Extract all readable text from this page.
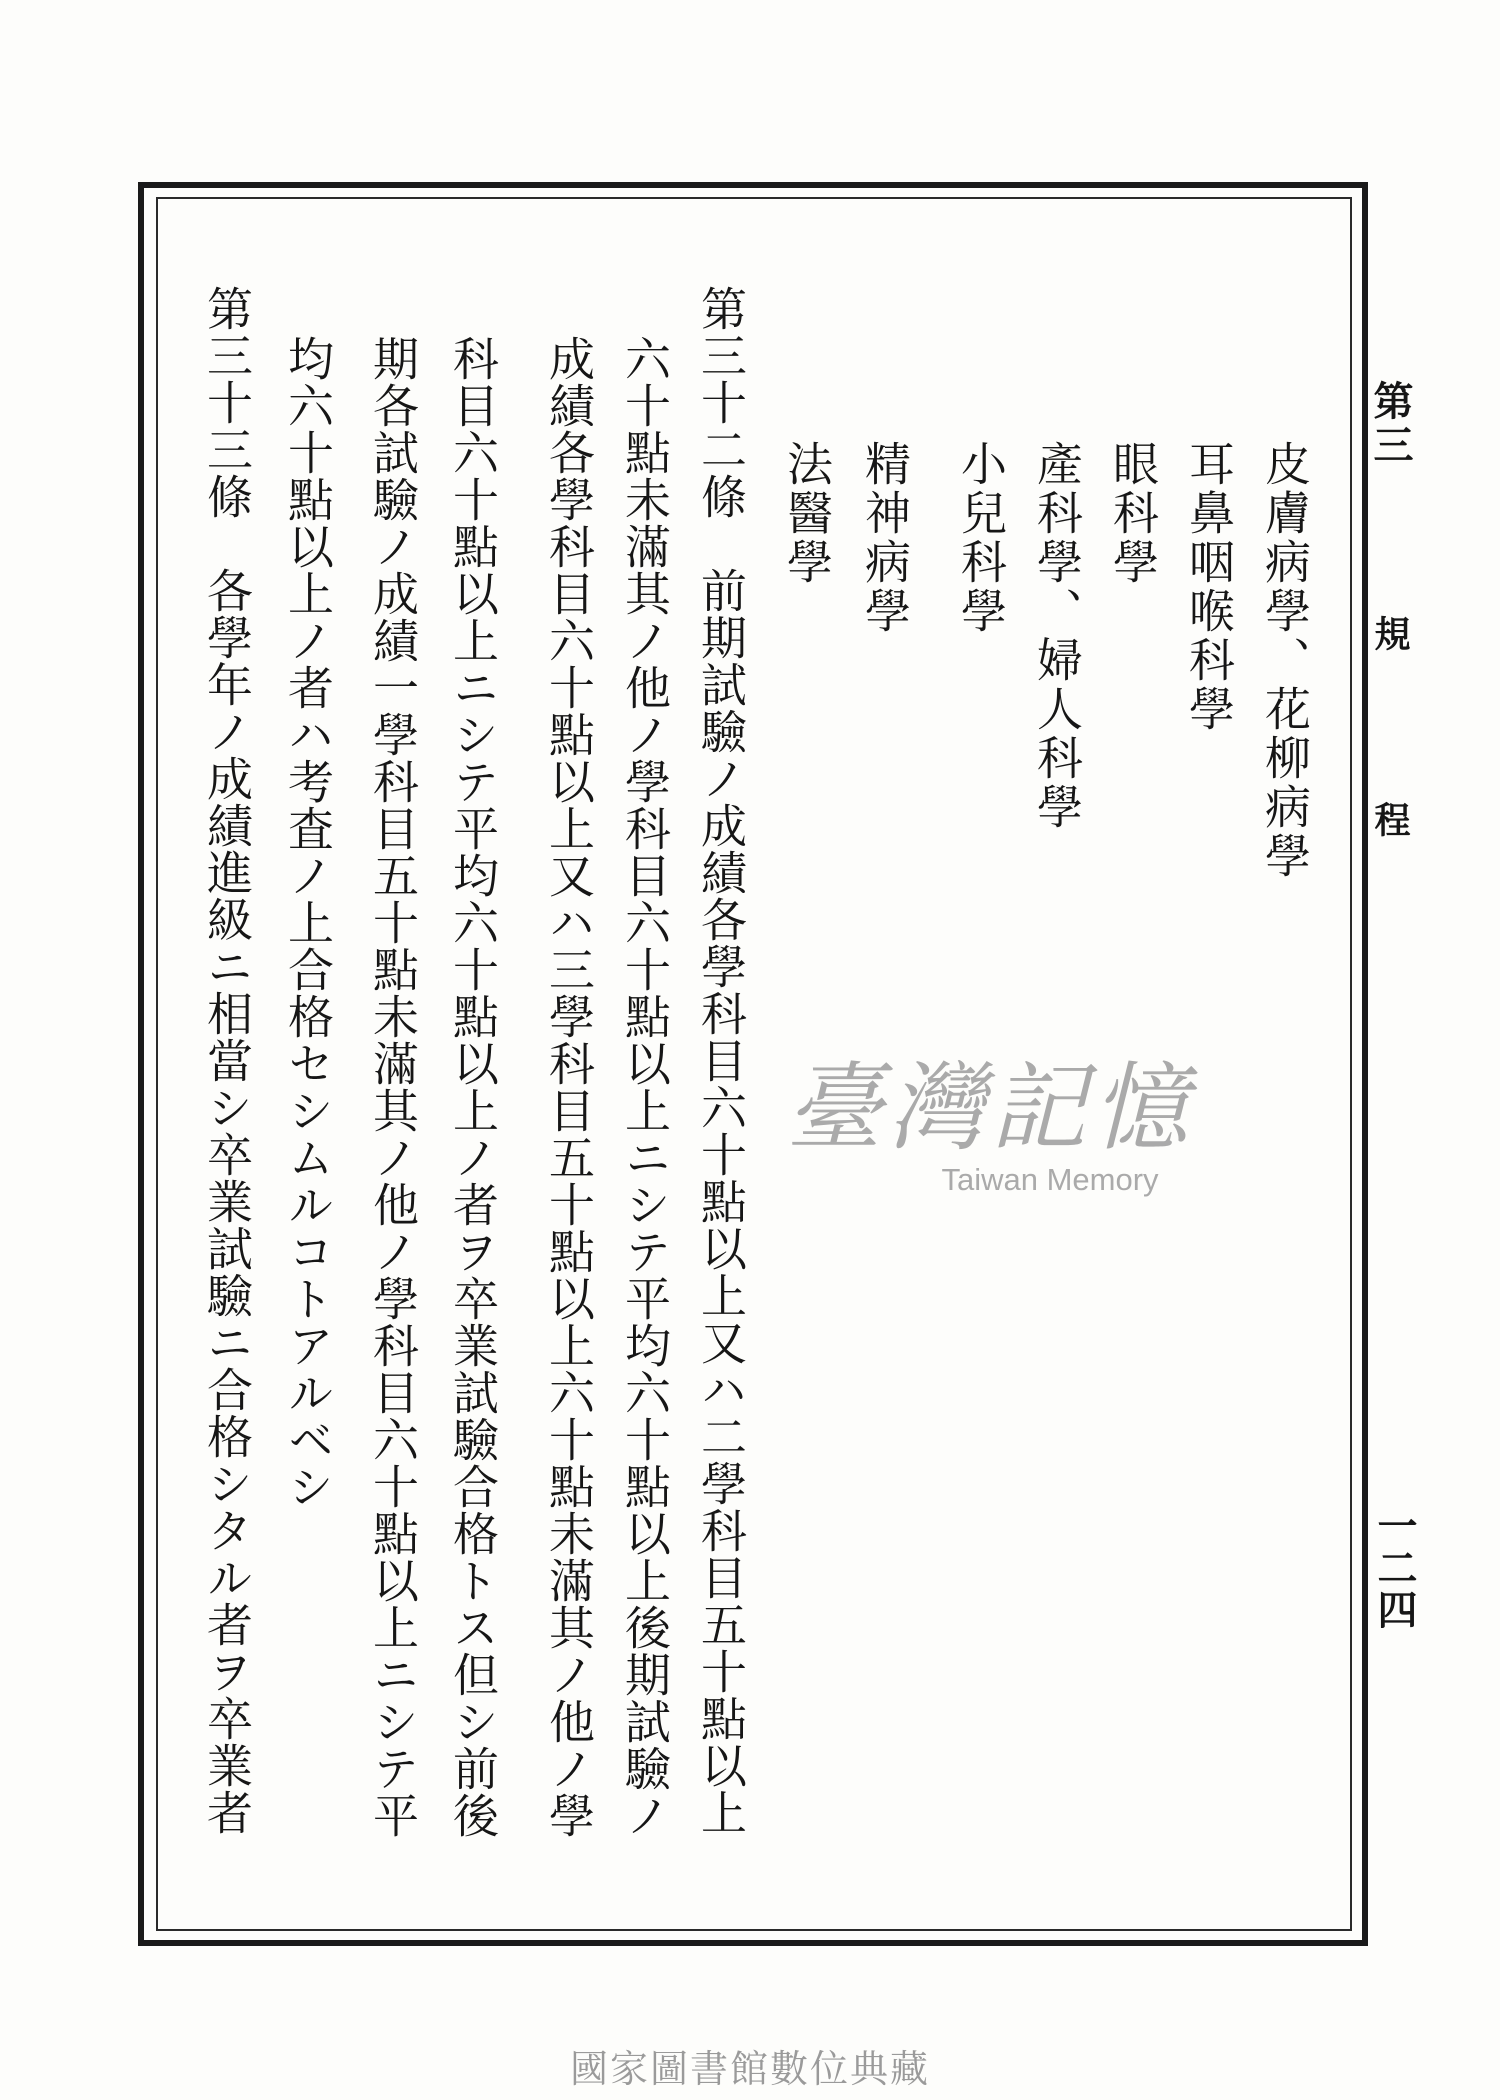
第三
規程
一二四
皮膚病學、花柳病學
耳鼻咽喉科學
眼科學
產科學、婦人科學
小兒科學
精神病學
法醫學
第三十二條　前期試驗ノ成績各學科目六十點以上又ハ二學科目五十點以上
六十點未滿其ノ他ノ學科目六十點以上ニシテ平均六十點以上後期試驗ノ
成績各學科目六十點以上又ハ三學科目五十點以上六十點未滿其ノ他ノ學
科目六十點以上ニシテ平均六十點以上ノ者ヲ卒業試驗合格トス但シ前後
期各試驗ノ成績一學科目五十點未滿其ノ他ノ學科目六十點以上ニシテ平
均六十點以上ノ者ハ考査ノ上合格セシムルコトアルベシ
第三十三條　各學年ノ成績進級ニ相當シ卒業試驗ニ合格シタル者ヲ卒業者	臺灣記憶
Taiwan Memory
國家圖書館數位典藏
